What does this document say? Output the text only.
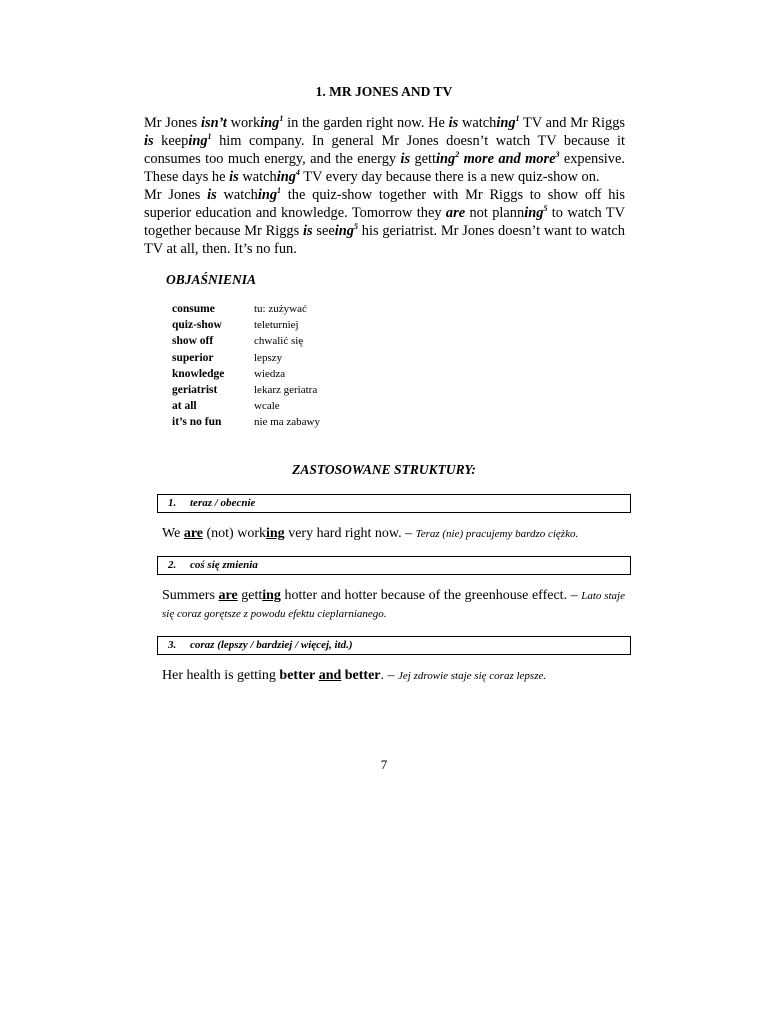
1. MR JONES AND TV

Mr Jones isn’t working$^1$ in the garden right now. He is watching$^1$ TV and Mr Riggs is keeping$^1$ him company. In general Mr Jones doesn’t watch TV because it consumes too much energy, and the energy is getting$^2$ more and more$^3$ expensive. These days he is watching$^4$ TV every day because there is a new quiz-show on.

Mr Jones is watching$^1$ the quiz-show together with Mr Riggs to show off his superior education and knowledge. Tomorrow they are not planning$^5$ to watch TV together because Mr Riggs is seeing$^5$ his geriatrist. Mr Jones doesn’t want to watch TV at all, then. It’s no fun.

OBJAŚNIENIA
consume	tu: zużywać
quiz-show	teleturniej
show off	chwalić się
superior	lepszy
knowledge	wiedza
geriatrist	lekarz geriatra
at all	wcale
it’s no fun	nie ma zabawy
ZASTOSOWANE STRUKTURY:
1. teraz / obecnie
We are (not) working very hard right now. – Teraz (nie) pracujemy bardzo ciężko.
2. coś się zmienia
Summers are getting hotter and hotter because of the greenhouse effect. – Lato staje się coraz gorętsze z powodu efektu cieplarnianego.
3. coraz (lepszy / bardziej / więcej, itd.)
Her health is getting better and better. – Jej zdrowie staje się coraz lepsze.
7
